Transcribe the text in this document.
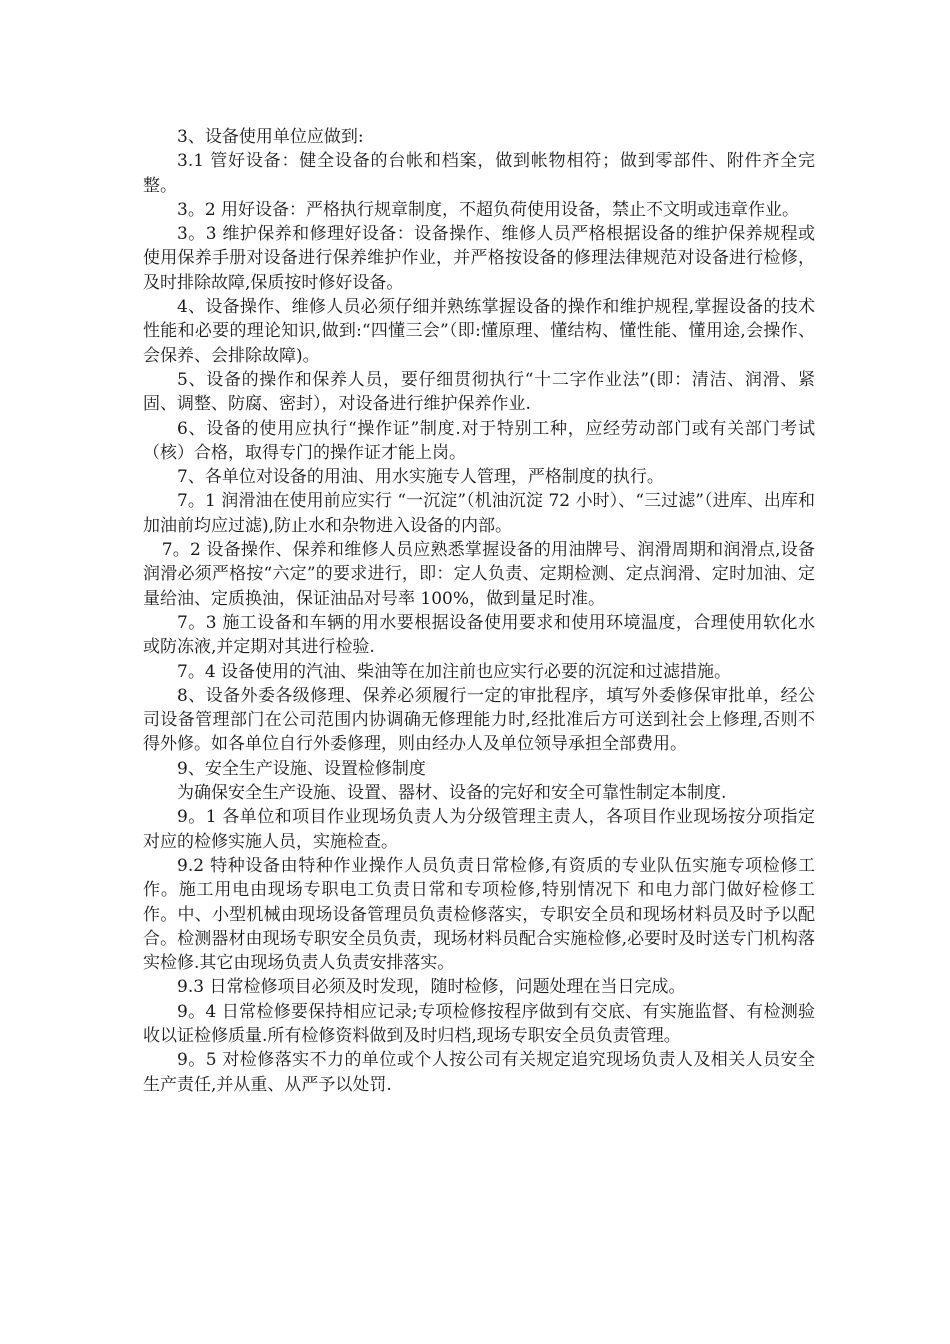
3、设备使用单位应做到:

3.1 管好设备：健全设备的台帐和档案，做到帐物相符；做到零部件、附件齐全完整。

3。2 用好设备：严格执行规章制度，不超负荷使用设备，禁止不文明或违章作业。

3。3 维护保养和修理好设备：设备操作、维修人员严格根据设备的维护保养规程或使用保养手册对设备进行保养维护作业，并严格按设备的修理法律规范对设备进行检修，及时排除故障,保质按时修好设备。

4、设备操作、维修人员必须仔细并熟练掌握设备的操作和维护规程,掌握设备的技术性能和必要的理论知识,做到:“四懂三会”（即:懂原理、懂结构、懂性能、懂用途,会操作、会保养、会排除故障)。

5、设备的操作和保养人员，要仔细贯彻执行“十二字作业法”(即：清洁、润滑、紧固、调整、防腐、密封），对设备进行维护保养作业.

6、设备的使用应执行“操作证”制度.对于特别工种，应经劳动部门或有关部门考试（核）合格，取得专门的操作证才能上岗。

7、各单位对设备的用油、用水实施专人管理，严格制度的执行。

7。1 润滑油在使用前应实行 “一沉淀”（机油沉淀 72 小时）、“三过滤”（进库、出库和加油前均应过滤),防止水和杂物进入设备的内部。

7。2 设备操作、保养和维修人员应熟悉掌握设备的用油牌号、润滑周期和润滑点,设备润滑必须严格按“六定”的要求进行，即：定人负责、定期检测、定点润滑、定时加油、定量给油、定质换油，保证油品对号率 100%，做到量足时准。

7。3 施工设备和车辆的用水要根据设备使用要求和使用环境温度，合理使用软化水或防冻液,并定期对其进行检验.

7。4 设备使用的汽油、柴油等在加注前也应实行必要的沉淀和过滤措施。

8、设备外委各级修理、保养必须履行一定的审批程序，填写外委修保审批单，经公司设备管理部门在公司范围内协调确无修理能力时,经批准后方可送到社会上修理,否则不得外修。如各单位自行外委修理，则由经办人及单位领导承担全部费用。

9、安全生产设施、设置检修制度

为确保安全生产设施、设置、器材、设备的完好和安全可靠性制定本制度.

9。1 各单位和项目作业现场负责人为分级管理主责人，各项目作业现场按分项指定对应的检修实施人员，实施检查。

9.2 特种设备由特种作业操作人员负责日常检修,有资质的专业队伍实施专项检修工作。施工用电由现场专职电工负责日常和专项检修,特别情况下 和电力部门做好检修工作。中、小型机械由现场设备管理员负责检修落实，专职安全员和现场材料员及时予以配合。检测器材由现场专职安全员负责，现场材料员配合实施检修,必要时及时送专门机构落实检修.其它由现场负责人负责安排落实。

9.3 日常检修项目必须及时发现，随时检修，问题处理在当日完成。

9。4 日常检修要保持相应记录;专项检修按程序做到有交底、有实施监督、有检测验收以证检修质量.所有检修资料做到及时归档,现场专职安全员负责管理。

9。5 对检修落实不力的单位或个人按公司有关规定追究现场负责人及相关人员安全生产责任,并从重、从严予以处罚.
